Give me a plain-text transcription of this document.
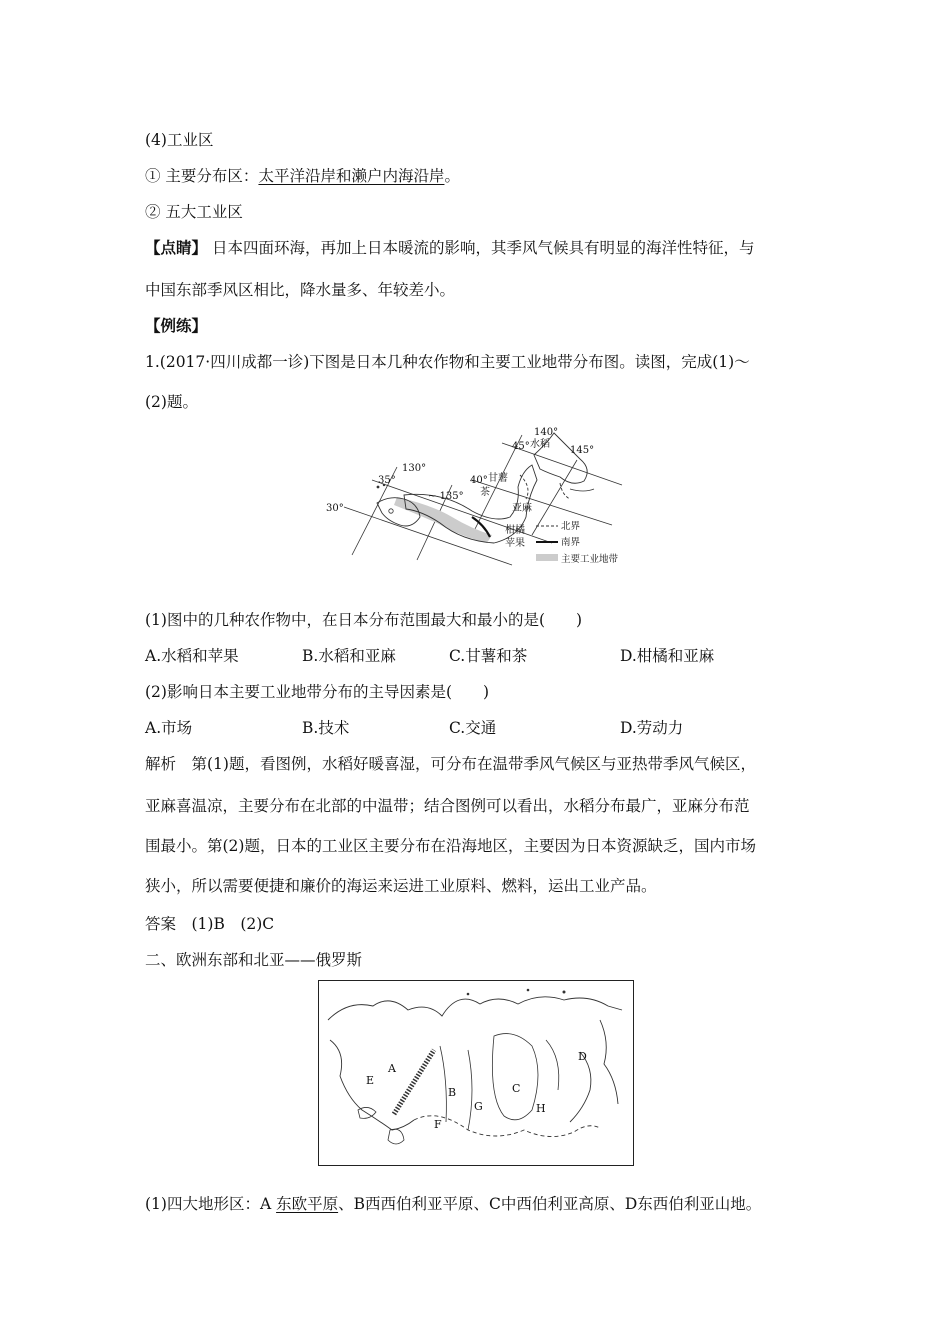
(4)工业区
① 主要分布区：太平洋沿岸和濑户内海沿岸。
② 五大工业区
【点睛】 日本四面环海，再加上日本暖流的影响，其季风气候具有明显的海洋性特征，与
中国东部季风区相比，降水量多、年较差小。
【例练】
1.(2017·四川成都一诊)下图是日本几种农作物和主要工业地带分布图。读图，完成(1)～
(2)题。
30°
35°	40°
45°
130°
~ 135°
140°
145°
水稻
甘薯
茶
亚麻
柑橘
苹果
北界
南界
主要工业地带
(1)图中的几种农作物中，在日本分布范围最大和最小的是(　　)
A.水稻和苹果	B.水稻和亚麻	C.甘薯和茶	D.柑橘和亚麻
(2)影响日本主要工业地带分布的主导因素是(　　)
A.市场	B.技术	C.交通	D.劳动力
解析　第(1)题，看图例，水稻好暖喜湿，可分布在温带季风气候区与亚热带季风气候区，
亚麻喜温凉，主要分布在北部的中温带；结合图例可以看出，水稻分布最广，亚麻分布范
围最小。第(2)题，日本的工业区主要分布在沿海地区，主要因为日本资源缺乏，国内市场
狭小，所以需要便捷和廉价的海运来运进工业原料、燃料，运出工业产品。
答案　(1)B　(2)C
二、欧洲东部和北亚——俄罗斯
A
B	C
D
E
F
G	H
(1)四大地形区：A 东欧平原、B西西伯利亚平原、C中西伯利亚高原、D东西伯利亚山地。
